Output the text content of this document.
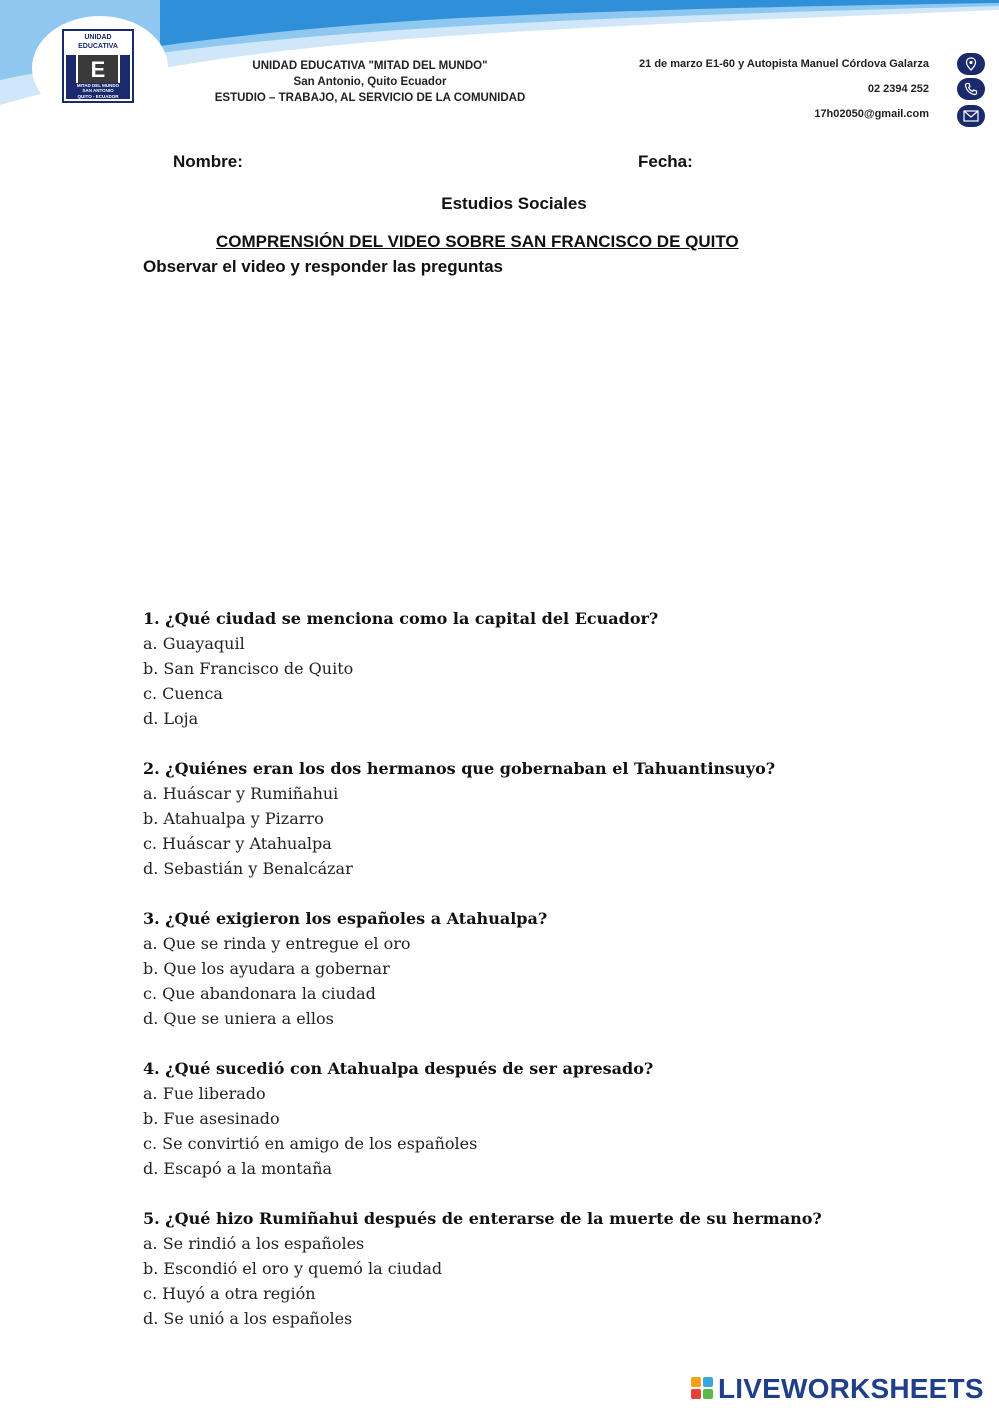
UNIDAD
EDUCATIVA
E
MITAD DEL MUNDO
SAN ANTONIO
QUITO - ECUADOR
UNIDAD EDUCATIVA "MITAD DEL MUNDO"
San Antonio, Quito Ecuador
ESTUDIO – TRABAJO, AL SERVICIO DE LA COMUNIDAD
21 de marzo E1-60 y Autopista Manuel Córdova Galarza
02 2394 252
17h02050@gmail.com
Nombre:	Fecha:
Estudios Sociales
COMPRENSIÓN DEL VIDEO SOBRE SAN FRANCISCO DE QUITO
Observar el video y responder las preguntas
1. ¿Qué ciudad se menciona como la capital del Ecuador?
a. Guayaquil
b. San Francisco de Quito
c. Cuenca
d. Loja
2. ¿Quiénes eran los dos hermanos que gobernaban el Tahuantinsuyo?
a. Huáscar y Rumiñahui
b. Atahualpa y Pizarro
c. Huáscar y Atahualpa
d. Sebastián y Benalcázar
3. ¿Qué exigieron los españoles a Atahualpa?
a. Que se rinda y entregue el oro
b. Que los ayudara a gobernar
c. Que abandonara la ciudad
d. Que se uniera a ellos
4. ¿Qué sucedió con Atahualpa después de ser apresado?
a. Fue liberado
b. Fue asesinado
c. Se convirtió en amigo de los españoles
d. Escapó a la montaña
5. ¿Qué hizo Rumiñahui después de enterarse de la muerte de su hermano?
a. Se rindió a los españoles
b. Escondió el oro y quemó la ciudad
c. Huyó a otra región
d. Se unió a los españoles
LIVEWORKSHEETS
